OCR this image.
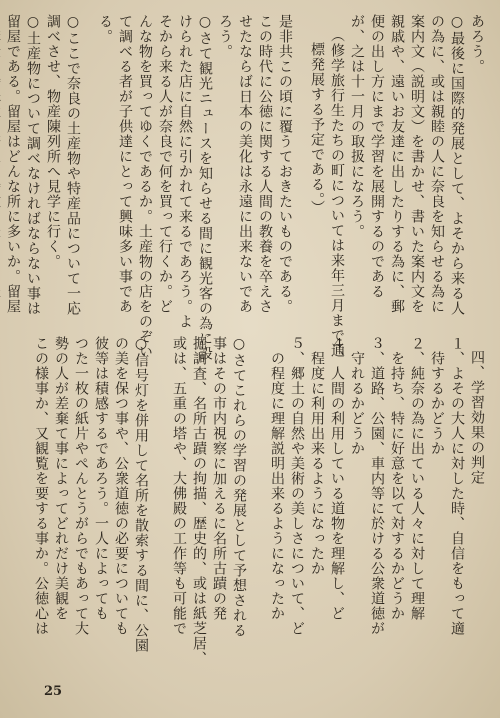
あろう。
○最後に国際的発展として、よそから来る人
の為に、或は親睦の人に奈良を知らせる為に
案内文（説明文）を書かせ、書いた案内文を
親戚や、遠いお友達に出したりする為に、郵
便の出し方にまで学習を展開するのである
が、之は十一月の取扱になろう。
（修学旅行生たちの町については来年三月まで通
標発展する予定である。）
是非共この頃に覆うておきたいものである。
この時代に公徳に関する人間の教養を卒えさ
せたならば日本の美化は永遠に出来ないであ
ろう。
○さて観光ニュースを知らせる間に観光客の為に設
けられた店に自然に引かれて来るであろう。よ
そから来る人が奈良で何を買って行くか。ど
んな物を買ってゆくであるか。土産物の店をのぞい
て調べる者が子供達にとって興味多い事であ
る。
○ここで奈良の土産物や特産品について一応
調べさせ、物産陳列所へ見学に行く。
○土産物について調べなければならない事は
留屋である。留屋はどんな所に多いか。留屋
四、学習効果の判定
１、よその大人に対した時、自信をもって適
　待するかどうか
２、純奈の為に出ている人々に対して理解
　を持ち、特に好意を以て対するかどうか
３、道路、公園、車内等に於ける公衆道徳が
　守れるかどうか
４、人間の利用している道物を理解し、ど
　程度に利用出来るようになったか
５、郷土の自然や美術の美しさについて、ど
　の程度に理解説明出来るようになったか
○さてこれらの学習の発展として予想される
事はその市内視察に加えるに名所古蹟の発
掘調査、名所古蹟の拘描、歴史的、或は紙芝居、
或は、五重の塔や、大佛殿の工作等も可能で
○信号灯を併用して名所を散索する間に、公園
の美を保つ事や、公衆道徳の必要についても
彼等は積感するであろう。一人によっても
つた一枚の紙片やぺんとうがらでもあって大
勢の人が差棄て事によってどれだけ美観を
この様事か、又観覧を要する事か。公徳心は
25
